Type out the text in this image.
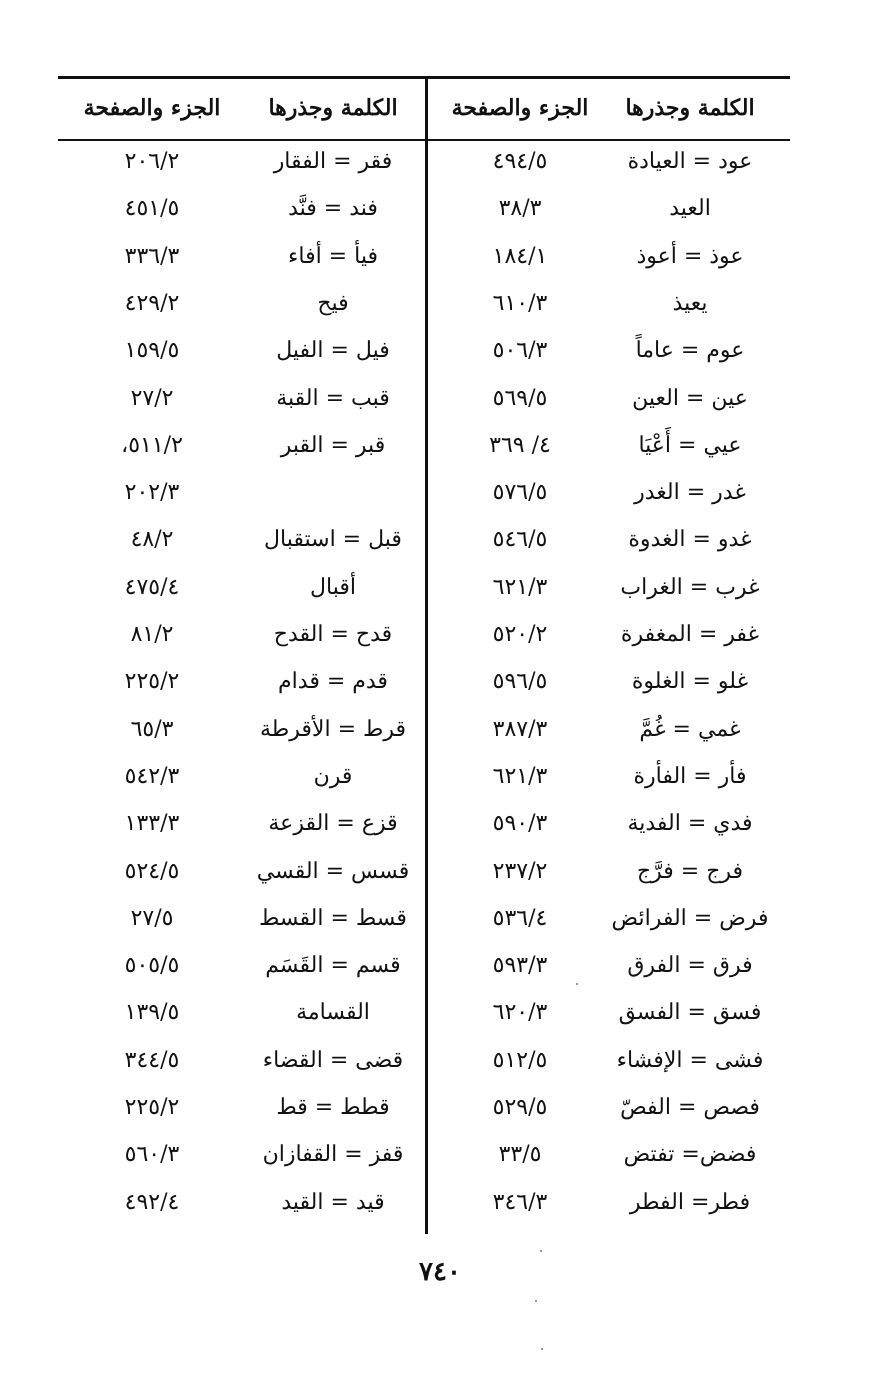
الكلمة وجذرها
الجزء والصفحة
الكلمة وجذرها
الجزء والصفحة
عود = العيادة
٤٩٤/٥
العيد
٣٨/٣
عوذ = أعوذ
١٨٤/١
يعيذ
٦١٠/٣
عوم = عاماً
٥٠٦/٣
عين = العين
٥٦٩/٥
عيي = أَعْيَا
٤/ ٣٦٩
غدر = الغدر
٥٧٦/٥
غدو = الغدوة
٥٤٦/٥
غرب = الغراب
٦٢١/٣
غفر = المغفرة
٥٢٠/٢
غلو = الغلوة
٥٩٦/٥
غمي = غُمَّ
٣٨٧/٣
فأر = الفأرة
٦٢١/٣
فدي = الفدية
٥٩٠/٣
فرج = فرَّج
٢٣٧/٢
فرض = الفرائض
٥٣٦/٤
فرق = الفرق
٥٩٣/٣
فسق = الفسق
٦٢٠/٣
فشى = الإفشاء
٥١٢/٥
فصص = الفصّ
٥٢٩/٥
فضض= تفتض
٣٣/٥
فطر= الفطر
٣٤٦/٣
فقر = الفقار
٢٠٦/٢
فند = فنَّد
٤٥١/٥
فيأ = أفاء
٣٣٦/٣
فيح
٤٢٩/٢
فيل = الفيل
١٥٩/٥
قبب = القبة
٢٧/٢
قبر = القبر
٥١١/٢،
٢٠٢/٣
قبل = استقبال
٤٨/٢
أقبال
٤٧٥/٤
قدح = القدح
٨١/٢
قدم = قدام
٢٢٥/٢
قرط = الأقرطة
٦٥/٣
قرن
٥٤٢/٣
قزع = القزعة
١٣٣/٣
قسس = القسي
٥٢٤/٥
قسط = القسط
٢٧/٥
قسم = القَسَم
٥٠٥/٥
القسامة
١٣٩/٥
قضى = القضاء
٣٤٤/٥
قطط = قط
٢٢٥/٢
قفز = القفازان
٥٦٠/٣
قيد = القيد
٤٩٢/٤
٧٤٠
